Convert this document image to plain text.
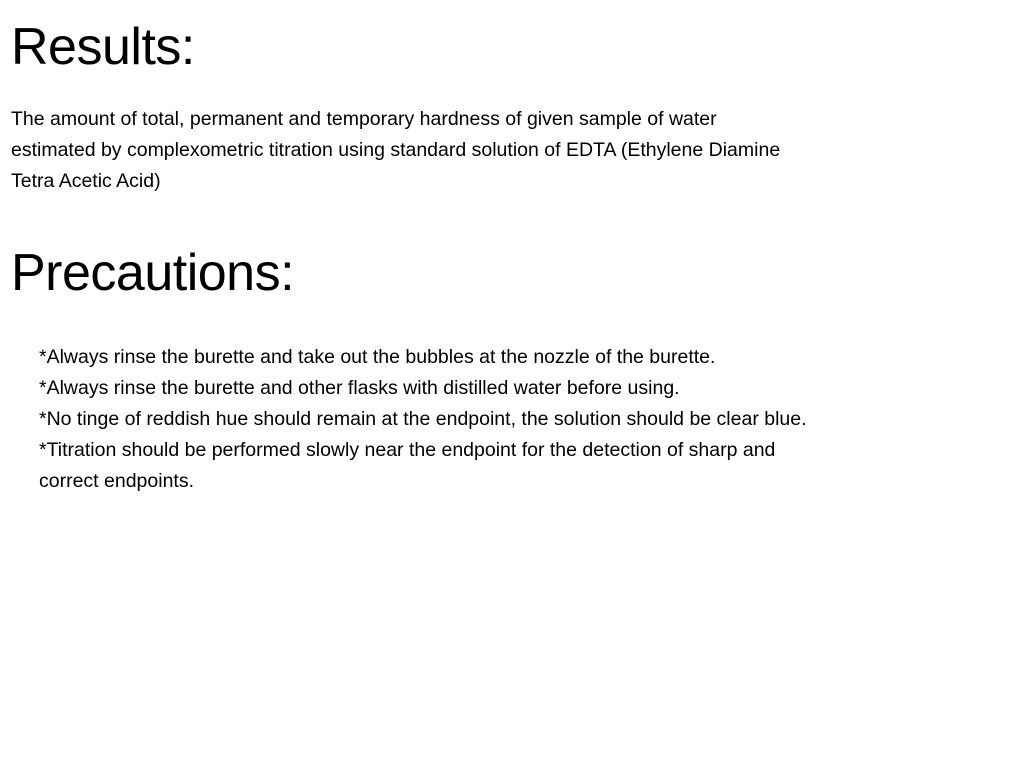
Results:

The amount of total, permanent and temporary hardness of given sample of water
estimated by complexometric titration using standard solution of EDTA (Ethylene Diamine
Tetra Acetic Acid)

Precautions:
*Always rinse the burette and take out the bubbles at the nozzle of the burette.
*Always rinse the burette and other flasks with distilled water before using.
*No tinge of reddish hue should remain at the endpoint, the solution should be clear blue.
*Titration should be performed slowly near the endpoint for the detection of sharp and
correct endpoints.
